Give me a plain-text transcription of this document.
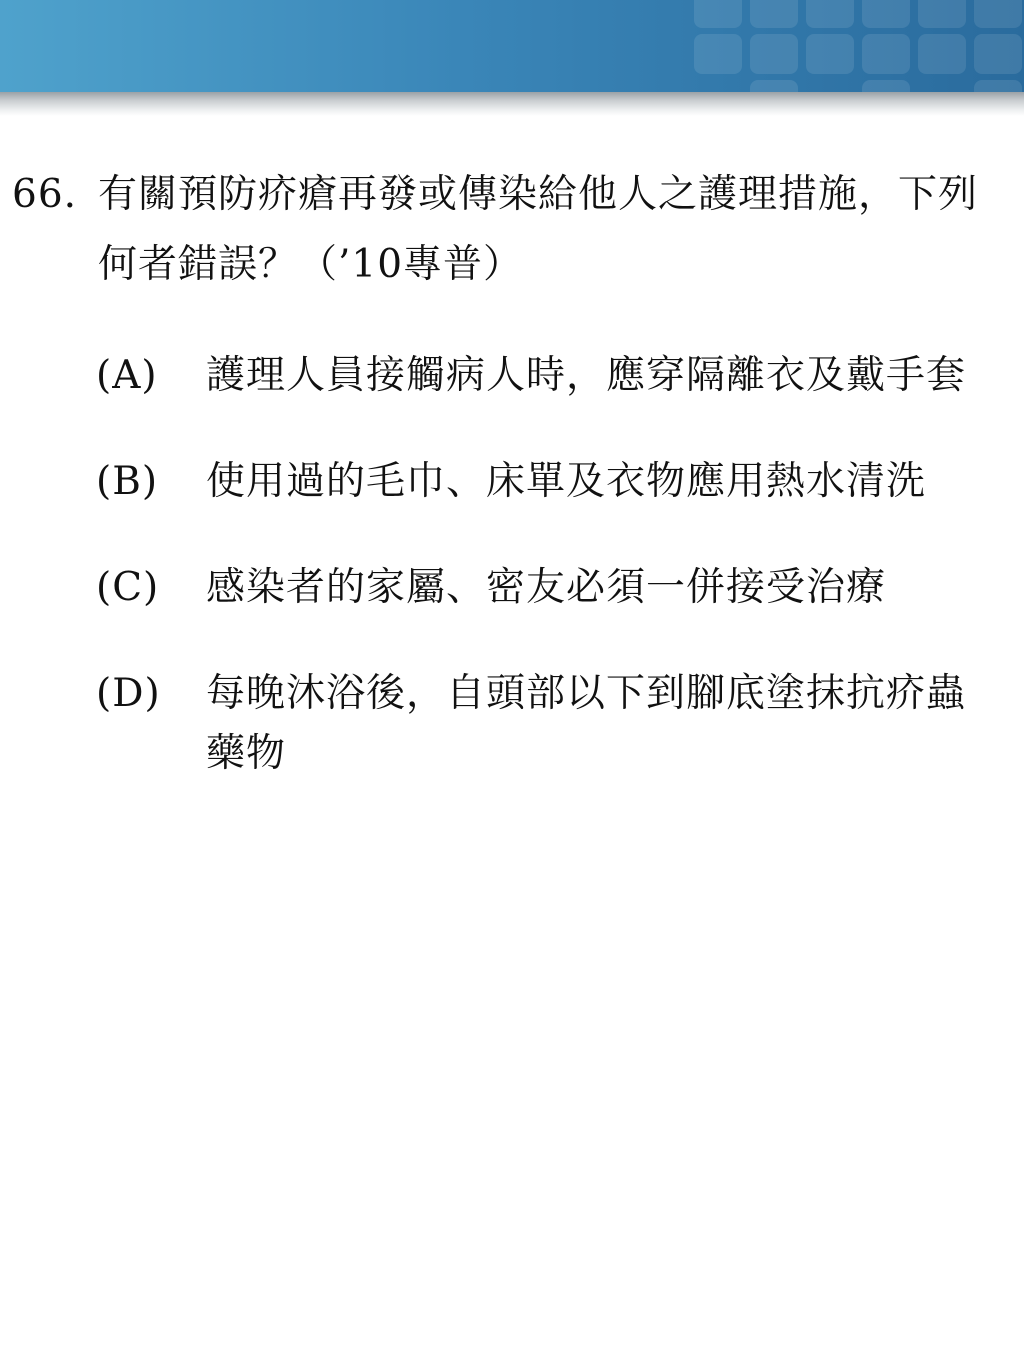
66. 有關預防疥瘡再發或傳染給他人之護理措施，下列何者錯誤？（’10專普）
(A)	護理人員接觸病人時，應穿隔離衣及戴手套
(B)	使用過的毛巾、床單及衣物應用熱水清洗
(C)	感染者的家屬、密友必須一併接受治療
(D)	每晚沐浴後，自頭部以下到腳底塗抹抗疥蟲藥物
